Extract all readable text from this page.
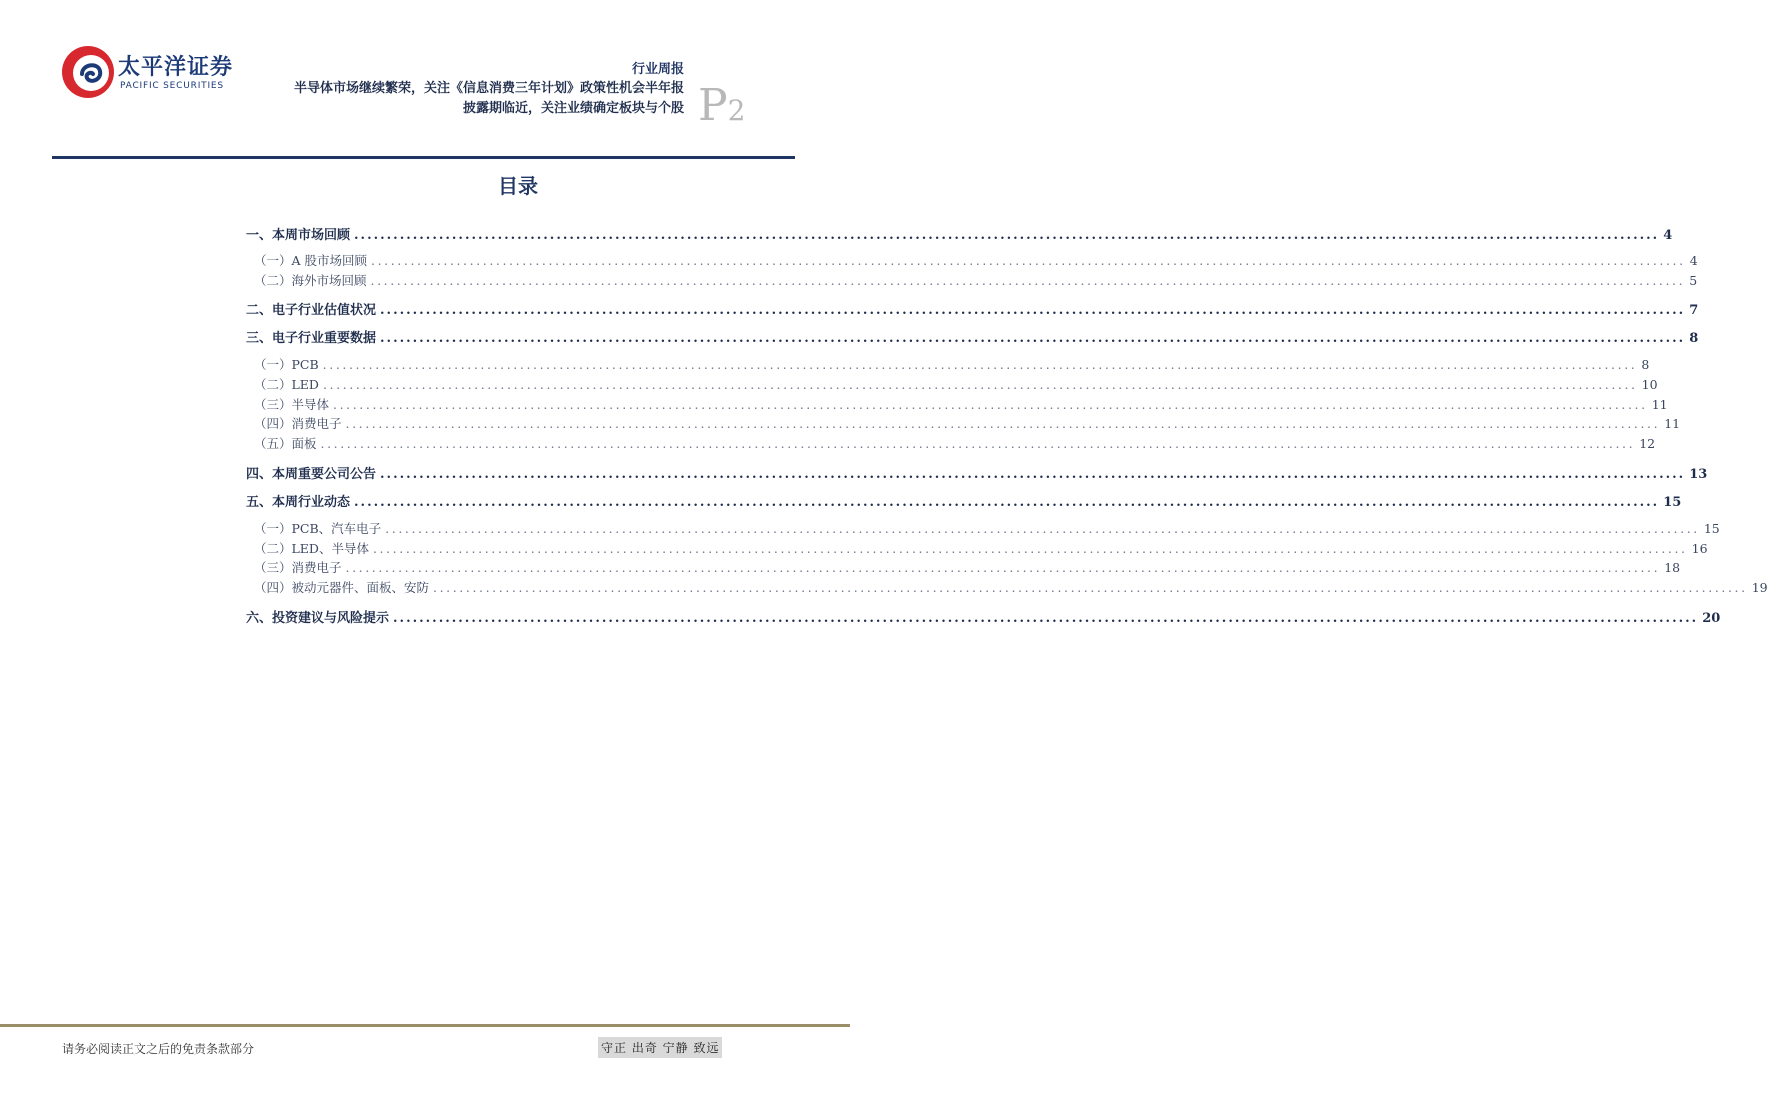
太平洋证券
PACIFIC SECURITIES
行业周报
半导体市场继续繁荣，关注《信息消费三年计划》政策性机会半年报
披露期临近，关注业绩确定板块与个股 P2
目录
一、本周市场回顾 ........................................................................................................................................................................................................ 4
（一）A 股市场回顾 ........................................................................................................................................................................................................ 4
（二）海外市场回顾 ........................................................................................................................................................................................................ 5
二、电子行业估值状况 ........................................................................................................................................................................................................ 7
三、电子行业重要数据 ........................................................................................................................................................................................................ 8
（一）PCB ........................................................................................................................................................................................................ 8
（二）LED ........................................................................................................................................................................................................ 10
（三）半导体 ........................................................................................................................................................................................................ 11
（四）消费电子 ........................................................................................................................................................................................................ 11
（五）面板 ........................................................................................................................................................................................................ 12
四、本周重要公司公告 ........................................................................................................................................................................................................ 13
五、本周行业动态 ........................................................................................................................................................................................................ 15
（一）PCB、汽车电子 ........................................................................................................................................................................................................ 15
（二）LED、半导体 ........................................................................................................................................................................................................ 16
（三）消费电子 ........................................................................................................................................................................................................ 18
（四）被动元器件、面板、安防 ........................................................................................................................................................................................................ 19
六、投资建议与风险提示 ........................................................................................................................................................................................................ 20
请务必阅读正文之后的免责条款部分	守正 出奇 宁静 致远
